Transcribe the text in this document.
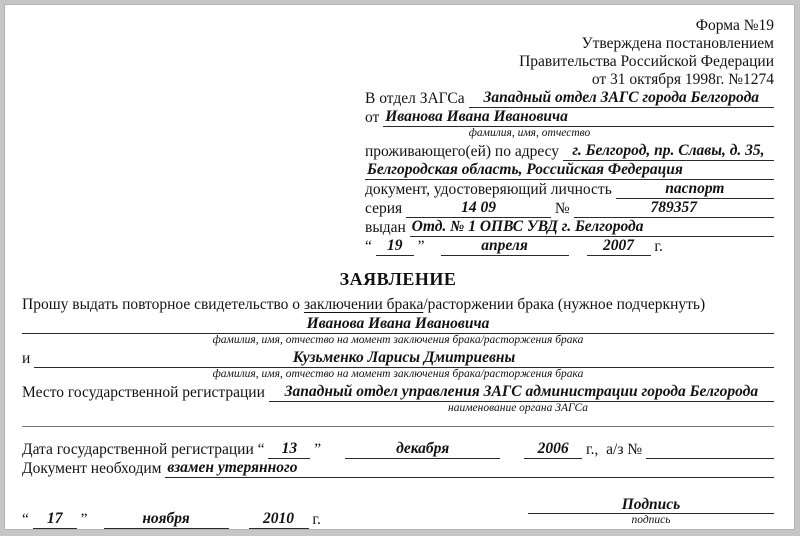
Форма №19
Утверждена постановлением
Правительства Российской Федерации
от 31 октября 1998г. №1274
В отдел ЗАГСа Западный отдел ЗАГС города Белгорода
от Иванова Ивана Ивановича
фамилия, имя, отчество
проживающего(ей) по адресу г. Белгород, пр. Славы, д. 35,
Белгородская область, Российская Федерация
документ, удостоверяющий личность	паспорт
серия	14 09	№	789357
выдан Отд. № 1 ОПВС УВД г. Белгорода
“ 19 ”	апреля	2007	г.
ЗАЯВЛЕНИЕ
Прошу выдать повторное свидетельство о заключении брака/расторжении брака (нужное подчеркнуть)
Иванова Ивана Ивановича
фамилия, имя, отчество на момент заключения брака/расторжения брака
и	Кузьменко Ларисы Дмитриевны
фамилия, имя, отчество на момент заключения брака/расторжения брака
Место государственной регистрации	Западный отдел управления ЗАГС администрации города Белгорода
наименование органа ЗАГСа
Дата государственной регистрации “ 13 ”	декабря	2006 г.,  а/з №
Документ необходим взамен утерянного
“ 17 ”	ноября	2010 г.
Подпись
подпись
